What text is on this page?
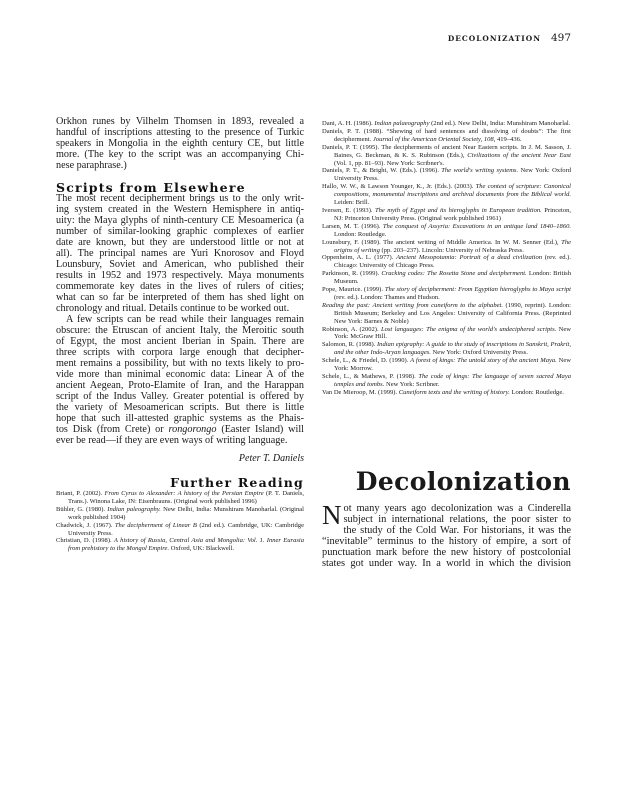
DECOLONIZATION 497
Orkhon runes by Vilhelm Thomsen in 1893, revealed a
handful of inscriptions attesting to the presence of Turkic
speakers in Mongolia in the eighth century CE, but little
more. (The key to the script was an accompanying Chi-
nese paraphrase.)
Scripts from Elsewhere
The most recent decipherment brings us to the only writ-
ing system created in the Western Hemisphere in antiq-
uity: the Maya glyphs of ninth-century CE Mesoamerica (a
number of similar-looking graphic complexes of earlier
date are known, but they are understood little or not at
all). The principal names are Yuri Knorosov and Floyd
Lounsbury, Soviet and American, who published their
results in 1952 and 1973 respectively. Maya monuments
commemorate key dates in the lives of rulers of cities;
what can so far be interpreted of them has shed light on
chronology and ritual. Details continue to be worked out.
A few scripts can be read while their languages remain
obscure: the Etruscan of ancient Italy, the Meroitic south
of Egypt, the most ancient Iberian in Spain. There are
three scripts with corpora large enough that decipher-
ment remains a possibility, but with no texts likely to pro-
vide more than minimal economic data: Linear A of the
ancient Aegean, Proto-Elamite of Iran, and the Harappan
script of the Indus Valley. Greater potential is offered by
the variety of Mesoamerican scripts. But there is little
hope that such ill-attested graphic systems as the Phais-
tos Disk (from Crete) or rongorongo (Easter Island) will
ever be read—if they are even ways of writing language.
Peter T. Daniels
Further Reading
Briant, P. (2002). From Cyrus to Alexander: A history of the Persian Empire (P. T. Daniels, Trans.). Winona Lake, IN: Eisenbrauns. (Original work published 1996)
Bühler, G. (1980). Indian paleography. New Delhi, India: Munshiram Manoharlal. (Original work published 1904)
Chadwick, J. (1967). The decipherment of Linear B (2nd ed.). Cambridge, UK: Cambridge University Press.
Christian, D. (1998). A history of Russia, Central Asia and Mongolia: Vol. 1. Inner Eurasia from prehistory to the Mongol Empire. Oxford, UK: Blackwell.
Dani, A. H. (1986). Indian palaeography (2nd ed.). New Delhi, India: Munshiram Manoharlal.
Daniels, P. T. (1988). “Shewing of hard sentences and dissolving of doubts”: The first decipherment. Journal of the American Oriental Society, 108, 419–436.
Daniels, P. T. (1995). The decipherments of ancient Near Eastern scripts. In J. M. Sasson, J. Baines, G. Beckman, & K. S. Rubinson (Eds.), Civilizations of the ancient Near East (Vol. 1, pp. 81–93). New York: Scribner's.
Daniels, P. T., & Bright, W. (Eds.). (1996). The world's writing systems. New York: Oxford University Press.
Hallo, W. W., & Lawson Younger, K., Jr. (Eds.). (2003). The context of scripture: Canonical compositions, monumental inscriptions and archival documents from the Biblical world. Leiden: Brill.
Iversen, E. (1993). The myth of Egypt and its hieroglyphs in European tradition. Princeton, NJ: Princeton University Press. (Original work published 1961)
Larsen, M. T. (1996). The conquest of Assyria: Excavations in an antique land 1840–1860. London: Routledge.
Lounsbury, F. (1989). The ancient writing of Middle America. In W. M. Senner (Ed.), The origins of writing (pp. 203–237). Lincoln: University of Nebraska Press.
Oppenheim, A. L. (1977). Ancient Mesopotamia: Portrait of a dead civilization (rev. ed.). Chicago: University of Chicago Press.
Parkinson, R. (1999). Cracking codes: The Rosetta Stone and decipherment. London: British Museum.
Pope, Maurice. (1999). The story of decipherment: From Egyptian hieroglyphs to Maya script (rev. ed.). London: Thames and Hudson.
Reading the past: Ancient writing from cuneiform to the alphabet. (1990, reprint). London: British Museum; Berkeley and Los Angeles: University of California Press. (Reprinted New York: Barnes & Noble)
Robinson, A. (2002). Lost languages: The enigma of the world's undeciphered scripts. New York: McGraw Hill.
Salomon, R. (1998). Indian epigraphy: A guide to the study of inscriptions in Sanskrit, Prakrit, and the other Indo-Aryan languages. New York: Oxford University Press.
Schele, L., & Friedel, D. (1990). A forest of kings: The untold story of the ancient Maya. New York: Morrow.
Schele, L., & Mathews, P. (1998). The code of kings: The language of seven sacred Maya temples and tombs. New York: Scribner.
Van De Mieroop, M. (1999). Cuneiform texts and the writing of history. London: Routledge.
Decolonization
N ot many years ago decolonization was a Cinderella
subject in international relations, the poor sister to
the study of the Cold War. For historians, it was the
“inevitable” terminus to the history of empire, a sort of
punctuation mark before the new history of postcolonial
states got under way. In a world in which the division
